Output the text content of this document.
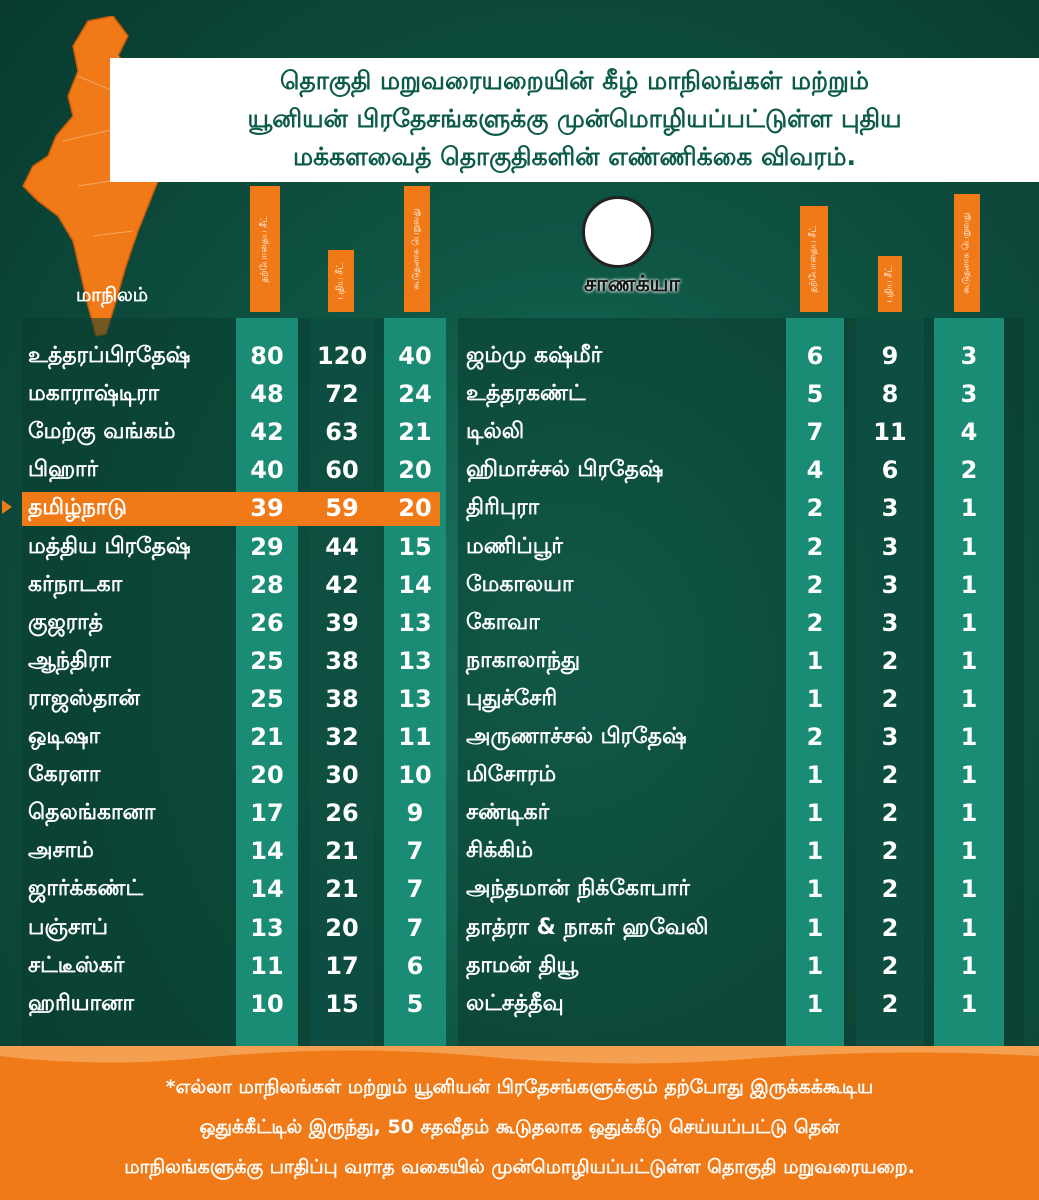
தொகுதி மறுவரையறையின் கீழ் மாநிலங்கள் மற்றும்
யூனியன் பிரதேசங்களுக்கு முன்மொழியப்பட்டுள்ள புதிய
மக்களவைத் தொகுதிகளின் எண்ணிக்கை விவரம்.
சாணக்யா
தற்போதைய சீட்	புதிய சீட்	கூடுதலாக பெறுவது	தற்போதைய சீட்	புதிய சீட்	கூடுதலாக பெறுவது
மாநிலம்
உத்தரப்பிரதேஷ்	80	120	40
மகாராஷ்டிரா	48	72	24
மேற்கு வங்கம்	42	63	21
பிஹார்	40	60	20
தமிழ்நாடு	39	59	20
மத்திய பிரதேஷ்	29	44	15
கர்நாடகா	28	42	14
குஜராத்	26	39	13
ஆந்திரா	25	38	13
ராஜஸ்தான்	25	38	13
ஒடிஷா	21	32	11
கேரளா	20	30	10
தெலங்கானா	17	26	9
அசாம்	14	21	7
ஜார்க்கண்ட்	14	21	7
பஞ்சாப்	13	20	7
சட்டீஸ்கர்	11	17	6
ஹரியானா	10	15	5
ஜம்மு கஷ்மீர்	6	9	3
உத்தரகண்ட்	5	8	3
டில்லி	7	11	4
ஹிமாச்சல் பிரதேஷ்	4	6	2
திரிபுரா	2	3	1
மணிப்பூர்	2	3	1
மேகாலயா	2	3	1
கோவா	2	3	1
நாகாலாந்து	1	2	1
புதுச்சேரி	1	2	1
அருணாச்சல் பிரதேஷ்	2	3	1
மிசோரம்	1	2	1
சண்டிகர்	1	2	1
சிக்கிம்	1	2	1
அந்தமான் நிக்கோபார்	1	2	1
தாத்ரா & நாகர் ஹவேலி	1	2	1
தாமன் தியூ	1	2	1
லட்சத்தீவு	1	2	1
*எல்லா மாநிலங்கள் மற்றும் யூனியன் பிரதேசங்களுக்கும் தற்போது இருக்கக்கூடிய
ஒதுக்கீட்டில் இருந்து, 50 சதவீதம் கூடுதலாக ஒதுக்கீடு செய்யப்பட்டு தென்
மாநிலங்களுக்கு பாதிப்பு வராத வகையில் முன்மொழியப்பட்டுள்ள தொகுதி மறுவரையறை.
